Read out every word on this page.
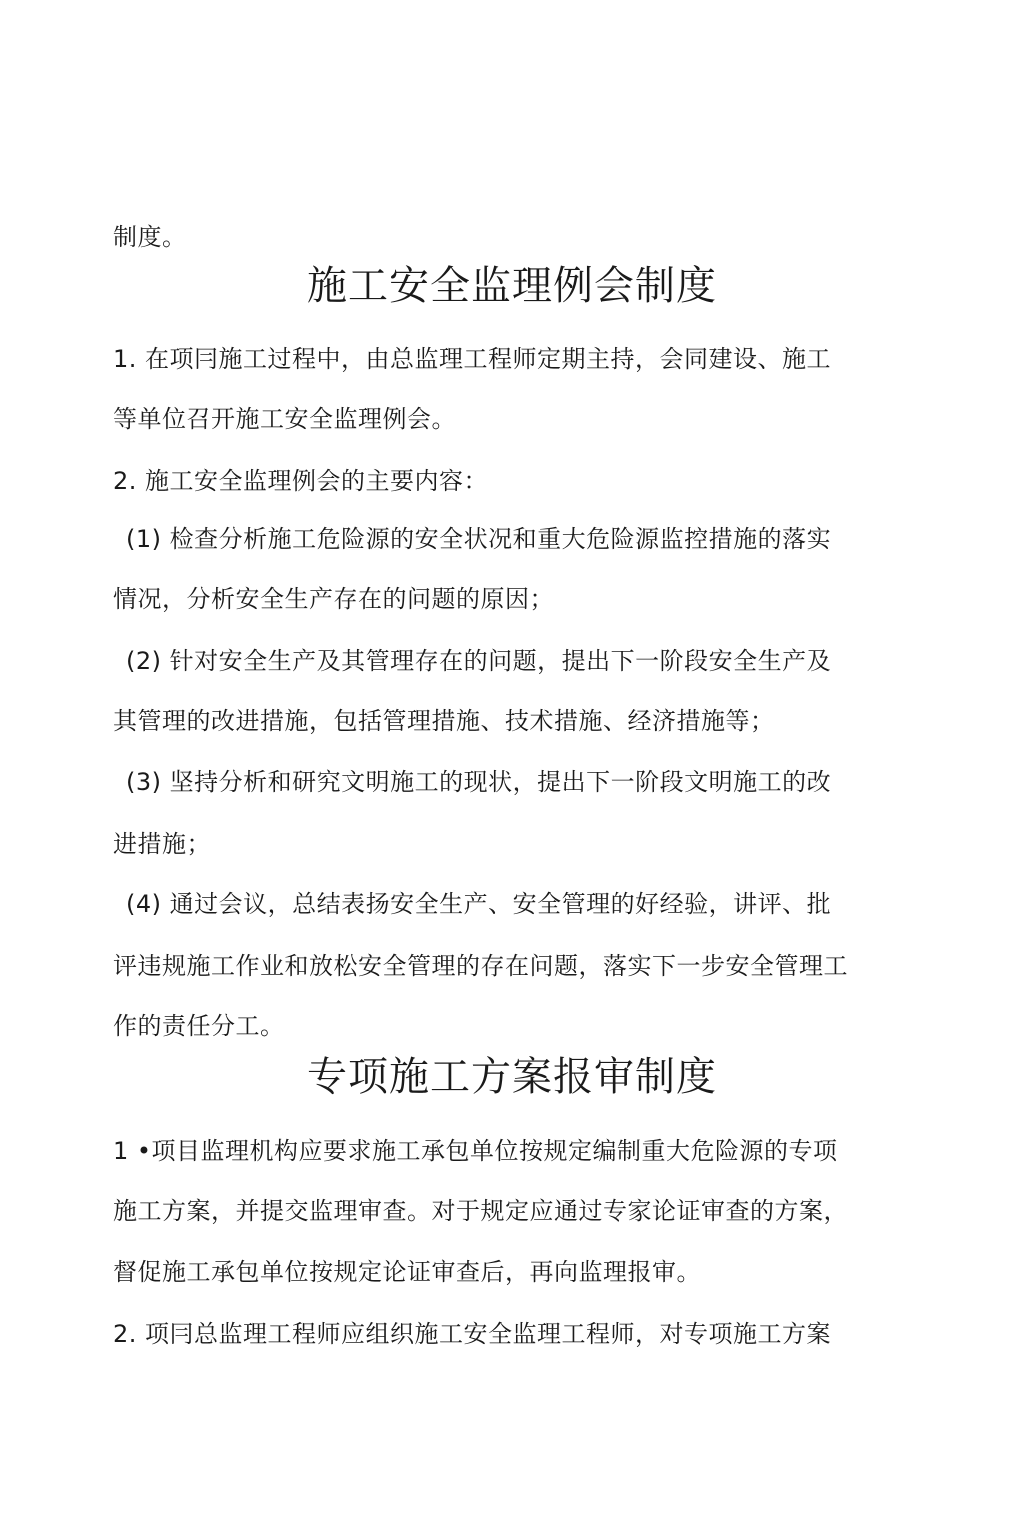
制度。
施工安全监理例会制度
1. 在项冃施工过程中，由总监理工程师定期主持，会同建设、施工
等单位召开施工安全监理例会。
2. 施工安全监理例会的主要内容：
(1) 检查分析施工危险源的安全状况和重大危险源监控措施的落实
情况，分析安全生产存在的问题的原因；
(2) 针对安全生产及其管理存在的问题，提出下一阶段安全生产及
其管理的改进措施，包括管理措施、技术措施、经济措施等；
(3) 坚持分析和研究文明施工的现状，提出下一阶段文明施工的改
进措施；
(4) 通过会议，总结表扬安全生产、安全管理的好经验，讲评、批
评违规施工作业和放松安全管理的存在问题，落实下一步安全管理工
作的责任分工。
专项施工方案报审制度
1 •项目监理机构应要求施工承包单位按规定编制重大危险源的专项
施工方案，并提交监理审查。对于规定应通过专家论证审查的方案，
督促施工承包单位按规定论证审查后，再向监理报审。
2. 项冃总监理工程师应组织施工安全监理工程师，对专项施工方案
